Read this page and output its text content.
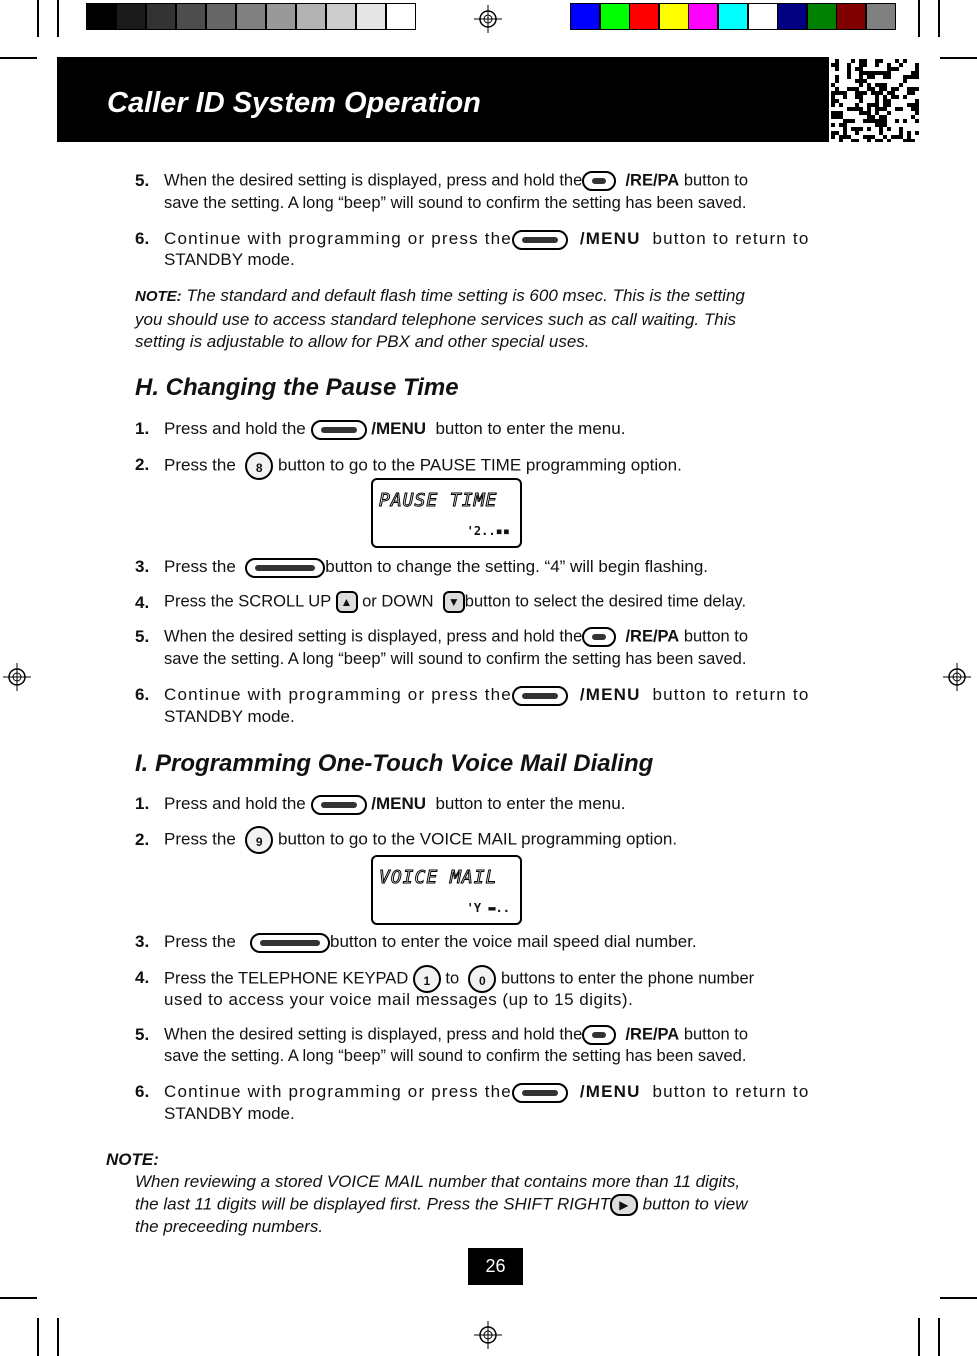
Caller ID System Operation
5. When the desired setting is displayed, press and hold the	/RE/PA button to
save the setting. A long “beep” will sound to confirm the setting has been saved.
6. Continue with programming or press the	/MENU button to return to
STANDBY mode.
NOTE: The standard and default flash time setting is 600 msec. This is the setting
you should use to access standard telephone services such as call waiting. This
setting is adjustable to allow for PBX and other special uses.
H. Changing the Pause Time
1. Press and hold the	/MENU button to enter the menu.
2. Press the 8 button to go to the PAUSE TIME programming option.
PAUSE TIME
'2..▪▪
3. Press the	button to change the setting. “4” will begin flashing.
4. Press the SCROLL UP ▲ or DOWN ▼ button to select the desired time delay.
5. When the desired setting is displayed, press and hold the	/RE/PA button to
save the setting. A long “beep” will sound to confirm the setting has been saved.
6. Continue with programming or press the	/MENU button to return to
STANDBY mode.
I. Programming One-Touch Voice Mail Dialing
1. Press and hold the	/MENU button to enter the menu.
2. Press the 9 button to go to the VOICE MAIL programming option.
VOICE MAIL
'Y ▬..
3. Press the	button to enter the voice mail speed dial number.
4. Press the TELEPHONE KEYPAD 1 to 0 buttons to enter the phone number
used to access your voice mail messages (up to 15 digits).
5. When the desired setting is displayed, press and hold the	/RE/PA button to
save the setting. A long “beep” will sound to confirm the setting has been saved.
6. Continue with programming or press the	/MENU button to return to
STANDBY mode.
NOTE:
When reviewing a stored VOICE MAIL number that contains more than 11 digits,
the last 11 digits will be displayed first. Press the SHIFT RIGHT ▶ button to view
the preceeding numbers.
26
